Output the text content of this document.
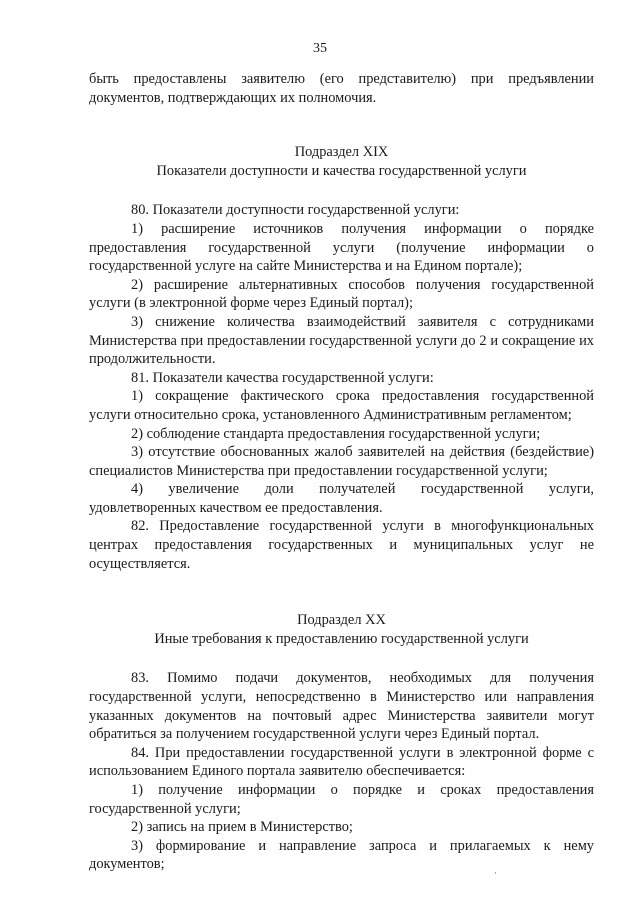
35

быть предоставлены заявителю (его представителю) при предъявлении документов, подтверждающих их полномочия.

Подраздел XIX
Показатели доступности и качества государственной услуги

80. Показатели доступности государственной услуги:

1) расширение источников получения информации о порядке предоставления государственной услуги (получение информации о государственной услуге на сайте Министерства и на Едином портале);

2) расширение альтернативных способов получения государственной услуги (в электронной форме через Единый портал);

3) снижение количества взаимодействий заявителя с сотрудниками Министерства при предоставлении государственной услуги до 2 и сокращение их продолжительности.

81. Показатели качества государственной услуги:

1) сокращение фактического срока предоставления государственной услуги относительно срока, установленного Административным регламентом;

2) соблюдение стандарта предоставления государственной услуги;

3) отсутствие обоснованных жалоб заявителей на действия (бездействие) специалистов Министерства при предоставлении государственной услуги;

4) увеличение доли получателей государственной услуги, удовлетворенных качеством ее предоставления.

82. Предоставление государственной услуги в многофункциональных центрах предоставления государственных и муниципальных услуг не осуществляется.

Подраздел XX
Иные требования к предоставлению государственной услуги

83. Помимо подачи документов, необходимых для получения государственной услуги, непосредственно в Министерство или направления указанных документов на почтовый адрес Министерства заявители могут обратиться за получением государственной услуги через Единый портал.

84. При предоставлении государственной услуги в электронной форме с использованием Единого портала заявителю обеспечивается:

1) получение информации о порядке и сроках предоставления государственной услуги;

2) запись на прием в Министерство;

3) формирование и направление запроса и прилагаемых к нему документов;

·
